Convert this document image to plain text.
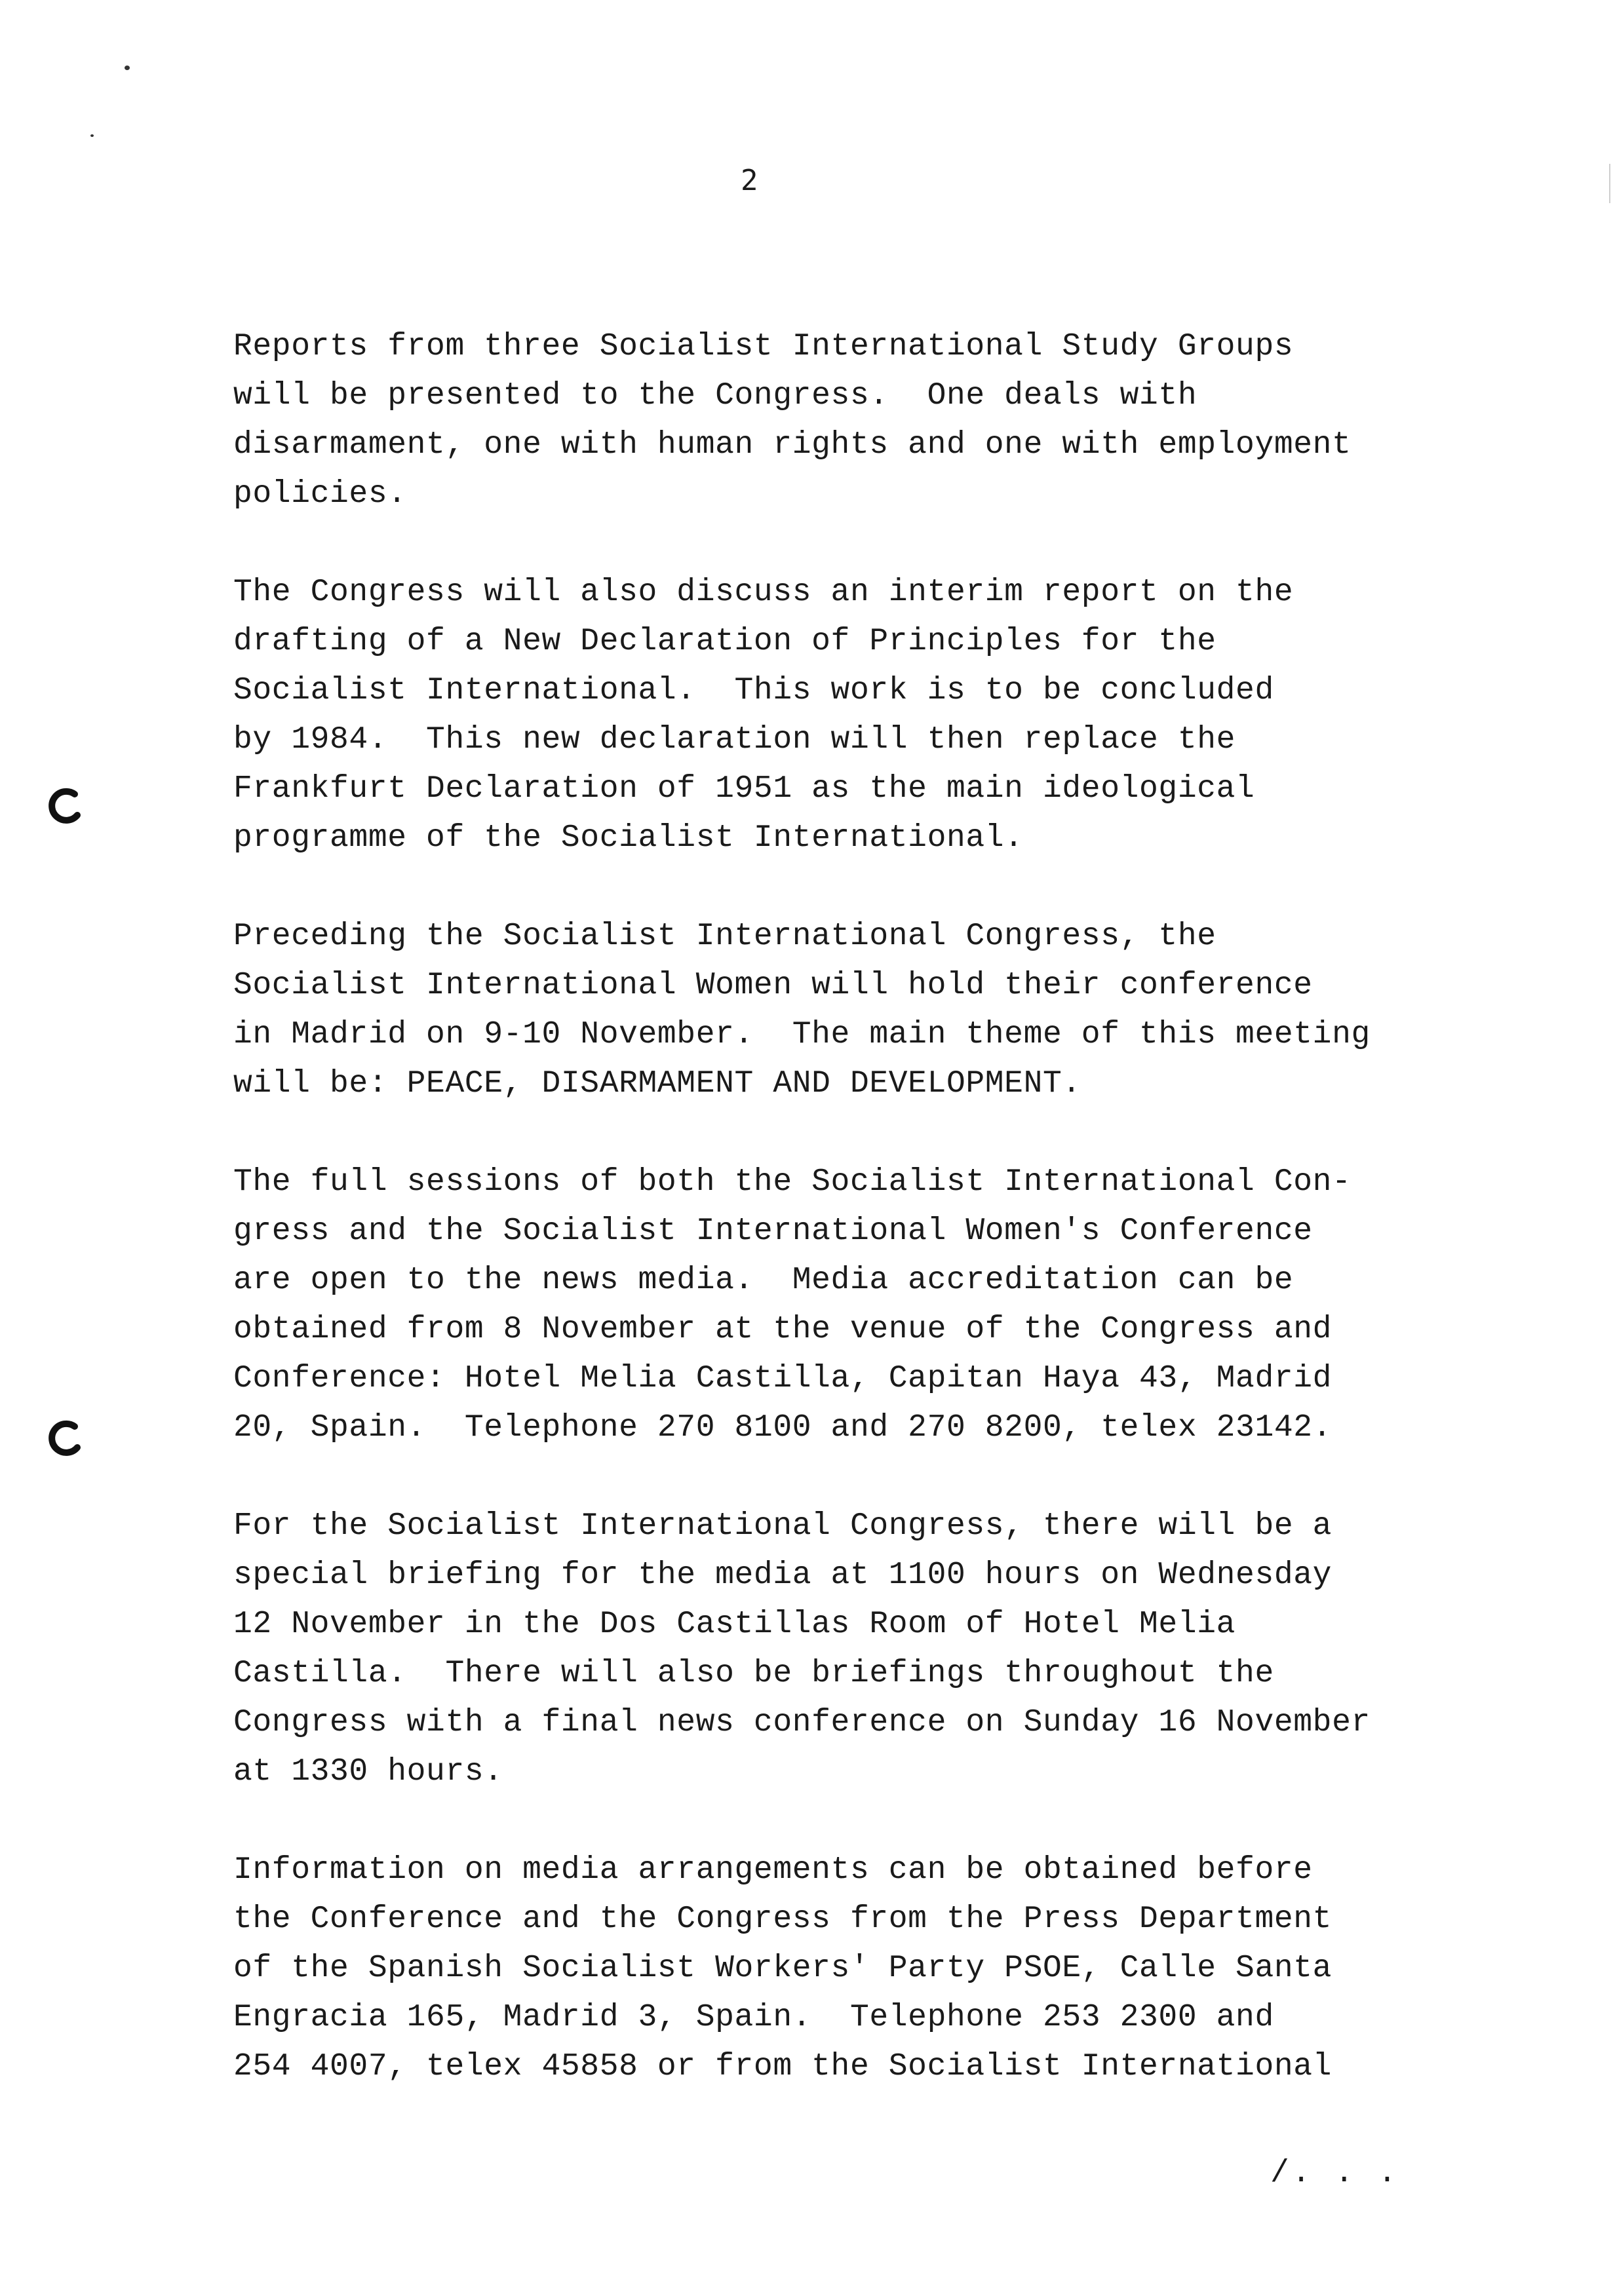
2
Reports from three Socialist International Study Groups
will be presented to the Congress.  One deals with
disarmament, one with human rights and one with employment
policies.
The Congress will also discuss an interim report on the
drafting of a New Declaration of Principles for the
Socialist International.  This work is to be concluded
by 1984.  This new declaration will then replace the
Frankfurt Declaration of 1951 as the main ideological
programme of the Socialist International.
Preceding the Socialist International Congress, the
Socialist International Women will hold their conference
in Madrid on 9-10 November.  The main theme of this meeting
will be: PEACE, DISARMAMENT AND DEVELOPMENT.
The full sessions of both the Socialist International Con-
gress and the Socialist International Women's Conference
are open to the news media.  Media accreditation can be
obtained from 8 November at the venue of the Congress and
Conference: Hotel Melia Castilla, Capitan Haya 43, Madrid
20, Spain.  Telephone 270 8100 and 270 8200, telex 23142.
For the Socialist International Congress, there will be a
special briefing for the media at 1100 hours on Wednesday
12 November in the Dos Castillas Room of Hotel Melia
Castilla.  There will also be briefings throughout the
Congress with a final news conference on Sunday 16 November
at 1330 hours.
Information on media arrangements can be obtained before
the Conference and the Congress from the Press Department
of the Spanish Socialist Workers' Party PSOE, Calle Santa
Engracia 165, Madrid 3, Spain.  Telephone 253 2300 and
254 4007, telex 45858 or from the Socialist International
/. . .
